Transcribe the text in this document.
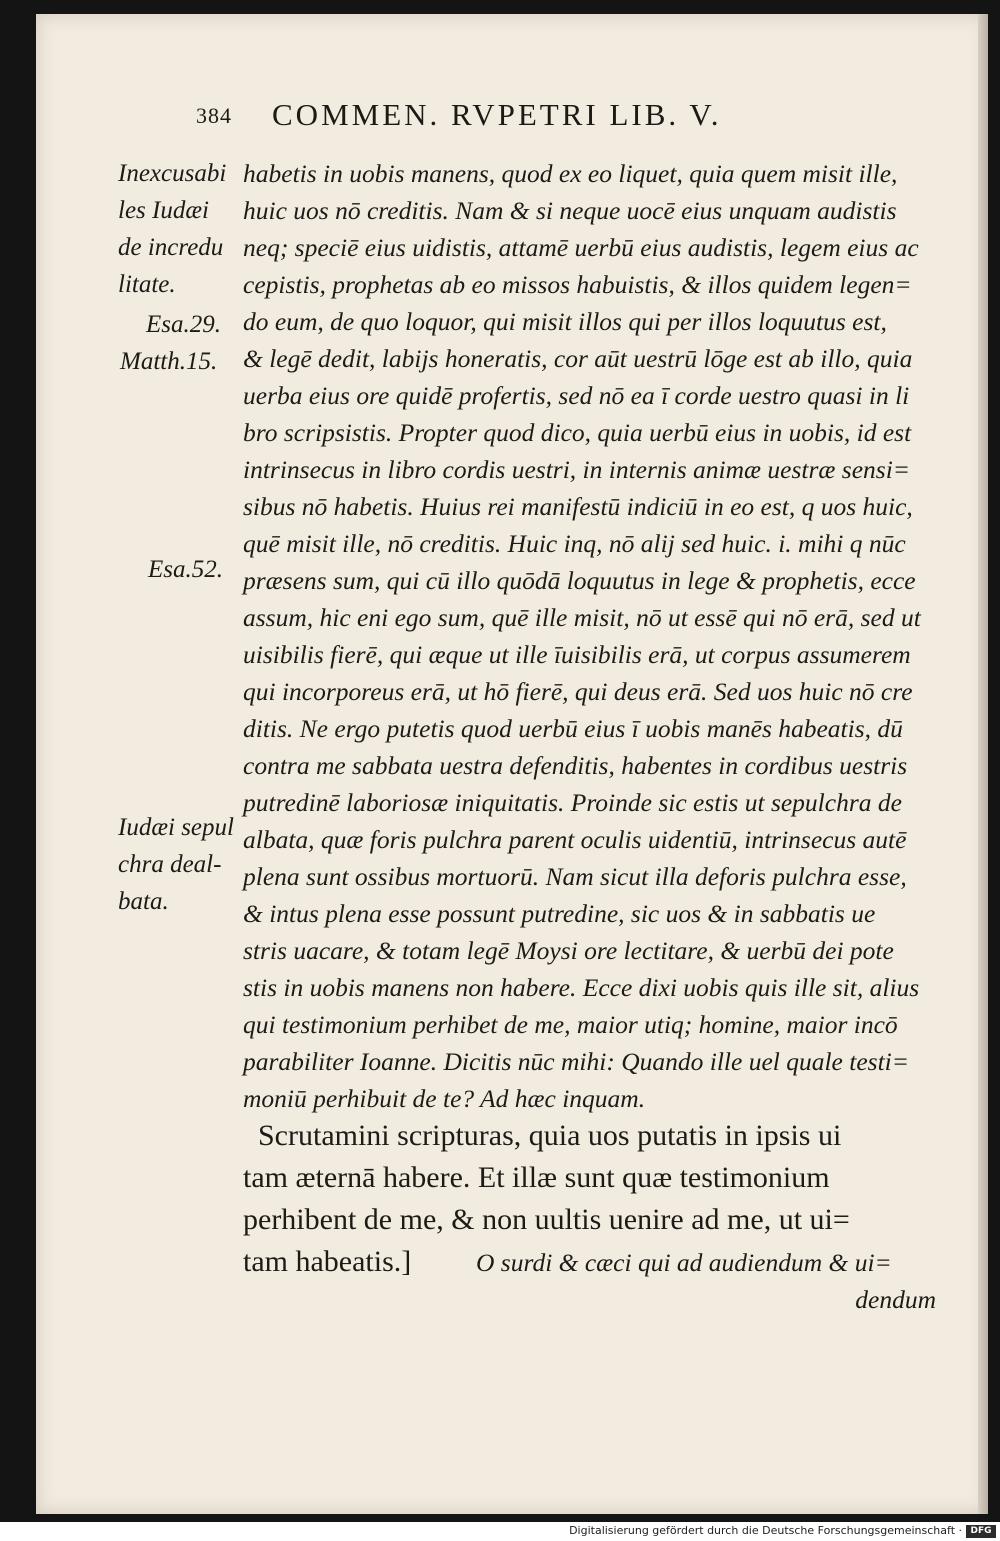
384 COMMEN. RVPETRI LIB. V.
Inexcusabi
les Iudæi
de incredu
litate.
Esa.29.
Matth.15.
Esa.52.
Iudæi sepul
chra deal-
bata.
habetis in uobis manens, quod ex eo liquet, quia quem misit ille,
huic uos nō creditis. Nam & si neque uocē eius unquam audistis
neq; speciē eius uidistis, attamē uerbū eius audistis, legem eius ac
cepistis, prophetas ab eo missos habuistis, & illos quidem legen=
do eum, de quo loquor, qui misit illos qui per illos loquutus est,
& legē dedit, labijs honeratis, cor aūt uestrū lōge est ab illo, quia
uerba eius ore quidē profertis, sed nō ea ī corde uestro quasi in li
bro scripsistis. Propter quod dico, quia uerbū eius in uobis, id est
intrinsecus in libro cordis uestri, in internis animæ uestræ sensi=
sibus nō habetis. Huius rei manifestū indiciū in eo est, q uos huic,
quē misit ille, nō creditis. Huic inq, nō alij sed huic. i. mihi q nūc
præsens sum, qui cū illo quōdā loquutus in lege & prophetis, ecce
assum, hic eni ego sum, quē ille misit, nō ut essē qui nō erā, sed ut
uisibilis fierē, qui æque ut ille īuisibilis erā, ut corpus assumerem
qui incorporeus erā, ut hō fierē, qui deus erā. Sed uos huic nō cre
ditis. Ne ergo putetis quod uerbū eius ī uobis manēs habeatis, dū
contra me sabbata uestra defenditis, habentes in cordibus uestris
putredinē laboriosæ iniquitatis. Proinde sic estis ut sepulchra de
albata, quæ foris pulchra parent oculis uidentiū, intrinsecus autē
plena sunt ossibus mortuorū. Nam sicut illa deforis pulchra esse,
& intus plena esse possunt putredine, sic uos & in sabbatis ue
stris uacare, & totam legē Moysi ore lectitare, & uerbū dei pote
stis in uobis manens non habere. Ecce dixi uobis quis ille sit, alius
qui testimonium perhibet de me, maior utiq; homine, maior incō
parabiliter Ioanne. Dicitis nūc mihi: Quando ille uel quale testi=
moniū perhibuit de te? Ad hæc inquam.
Scrutamini scripturas, quia uos putatis in ipsis ui
tam æternā habere. Et illæ sunt quæ testimonium
perhibent de me, & non uultis uenire ad me, ut ui=
tam habeatis.]	O surdi & cæci qui ad audiendum & ui=
dendum
Digitalisierung gefördert durch die Deutsche Forschungsgemeinschaft · DFG
